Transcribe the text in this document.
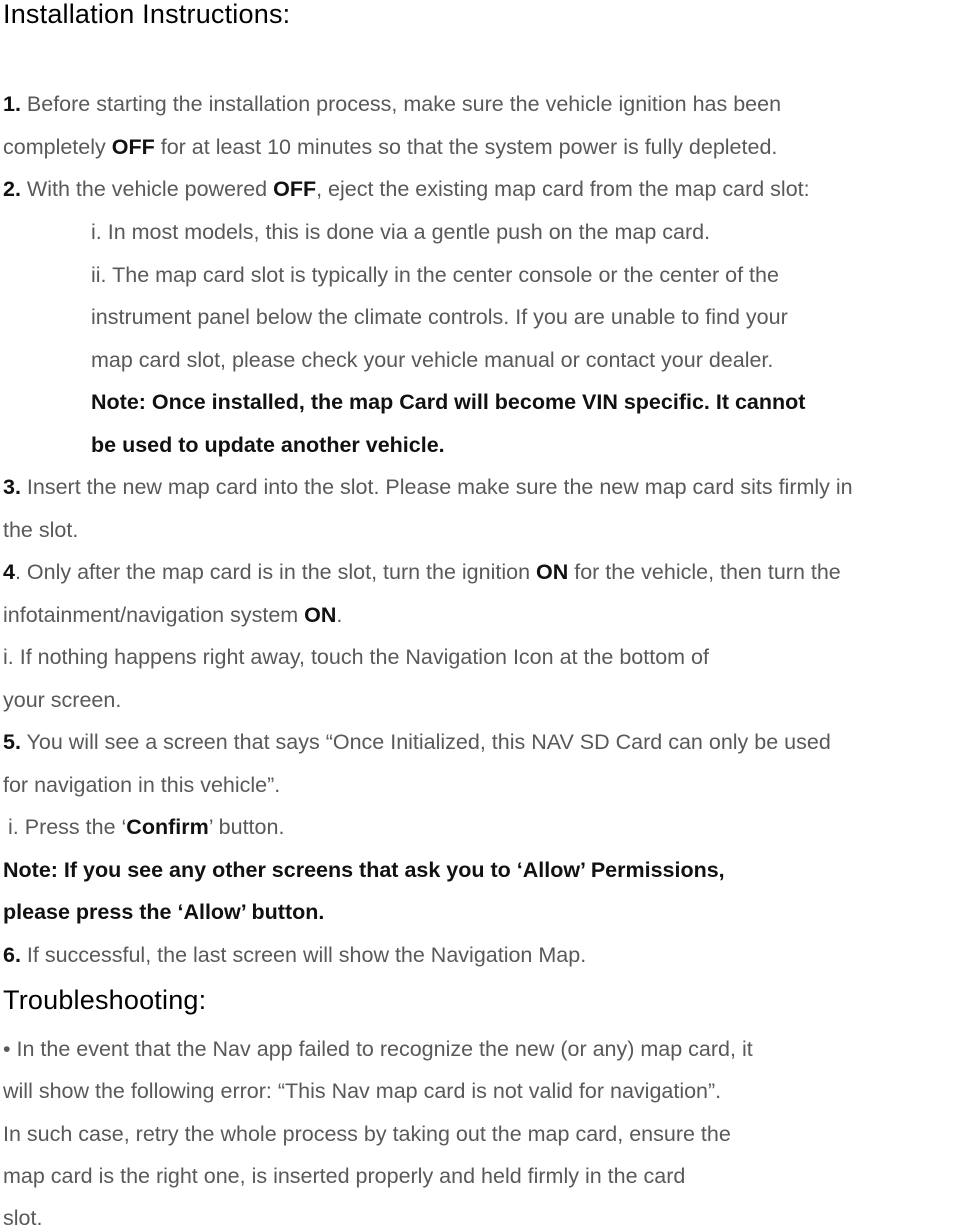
Installation Instructions:

1. Before starting the installation process, make sure the vehicle ignition has been

completely OFF for at least 10 minutes so that the system power is fully depleted.

2. With the vehicle powered OFF, eject the existing map card from the map card slot:

i. In most models, this is done via a gentle push on the map card.

ii. The map card slot is typically in the center console or the center of the

instrument panel below the climate controls. If you are unable to find your

map card slot, please check your vehicle manual or contact your dealer.

Note: Once installed, the map Card will become VIN specific. It cannot

be used to update another vehicle.

3. Insert the new map card into the slot. Please make sure the new map card sits firmly in

the slot.

4. Only after the map card is in the slot, turn the ignition ON for the vehicle, then turn the

infotainment/navigation system ON.

i. If nothing happens right away, touch the Navigation Icon at the bottom of

your screen.

5. You will see a screen that says “Once Initialized, this NAV SD Card can only be used

for navigation in this vehicle”.

i. Press the ‘Confirm’ button.

Note: If you see any other screens that ask you to ‘Allow’ Permissions,

please press the ‘Allow’ button.

6. If successful, the last screen will show the Navigation Map.

Troubleshooting:

• In the event that the Nav app failed to recognize the new (or any) map card, it

will show the following error: “This Nav map card is not valid for navigation”.

In such case, retry the whole process by taking out the map card, ensure the

map card is the right one, is inserted properly and held firmly in the card

slot.
